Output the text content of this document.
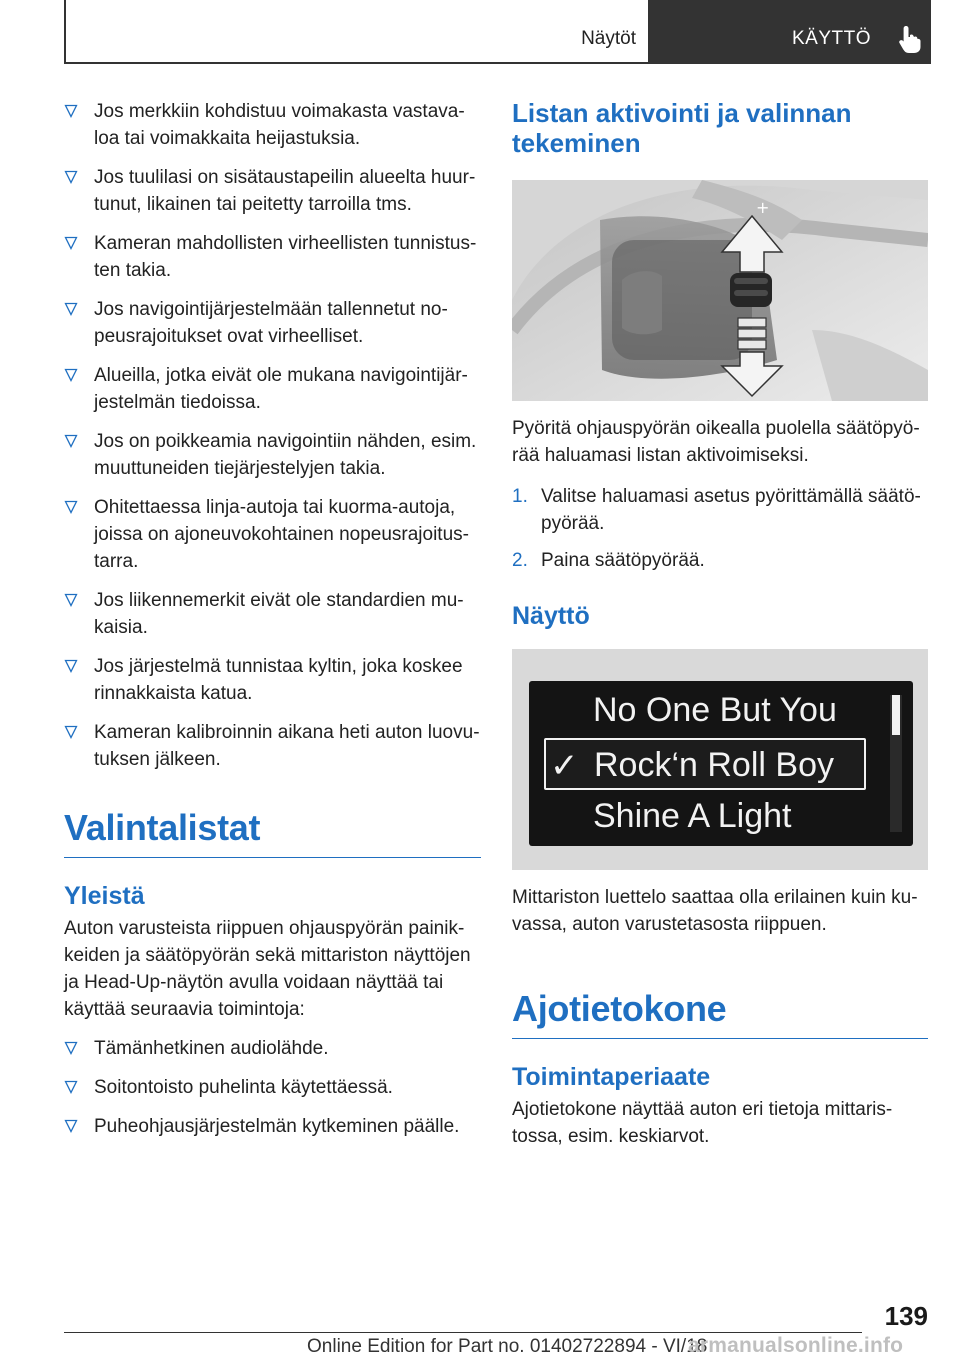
Näytöt	KÄYTTÖ
Jos merkkiin kohdistuu voimakasta vastava-loa tai voimakkaita heijastuksia.
Jos tuulilasi on sisätaustapeilin alueelta huur-tunut, likainen tai peitetty tarroilla tms.
Kameran mahdollisten virheellisten tunnistus-ten takia.
Jos navigointijärjestelmään tallennetut no-peusrajoitukset ovat virheelliset.
Alueilla, jotka eivät ole mukana navigointijär-jestelmän tiedoissa.
Jos on poikkeamia navigointiin nähden, esim. muuttuneiden tiejärjestelyjen takia.
Ohitettaessa linja-autoja tai kuorma-autoja, joissa on ajoneuvokohtainen nopeusrajoitus-tarra.
Jos liikennemerkit eivät ole standardien mu-kaisia.
Jos järjestelmä tunnistaa kyltin, joka koskee rinnakkaista katua.
Kameran kalibroinnin aikana heti auton luovu-tuksen jälkeen.
Valintalistat
Yleistä

Auton varusteista riippuen ohjauspyörän painik-keiden ja säätöpyörän sekä mittariston näyttöjen ja Head-Up-näytön avulla voidaan näyttää tai käyttää seuraavia toimintoja:

Tämänhetkinen audiolähde.
Soitontoisto puhelinta käytettäessä.
Puheohjausjärjestelmän kytkeminen päälle.
Listan aktivointi ja valinnan tekeminen
+

Pyöritä ohjauspyörän oikealla puolella säätöpyö-rää haluamasi listan aktivoimiseksi.

1. Valitse haluamasi asetus pyörittämällä säätö-pyörää.
2. Paina säätöpyörää.
Näyttö
No One But You
✓ Rock‘n Roll Boy
Shine A Light

Mittariston luettelo saattaa olla erilainen kuin ku-vassa, auton varustetasosta riippuen.

Ajotietokone
Toimintaperiaate

Ajotietokone näyttää auton eri tietoja mittaris-tossa, esim. keskiarvot.

139
Online Edition for Part no. 01402722894 - VI/18
armanualsonline.info
